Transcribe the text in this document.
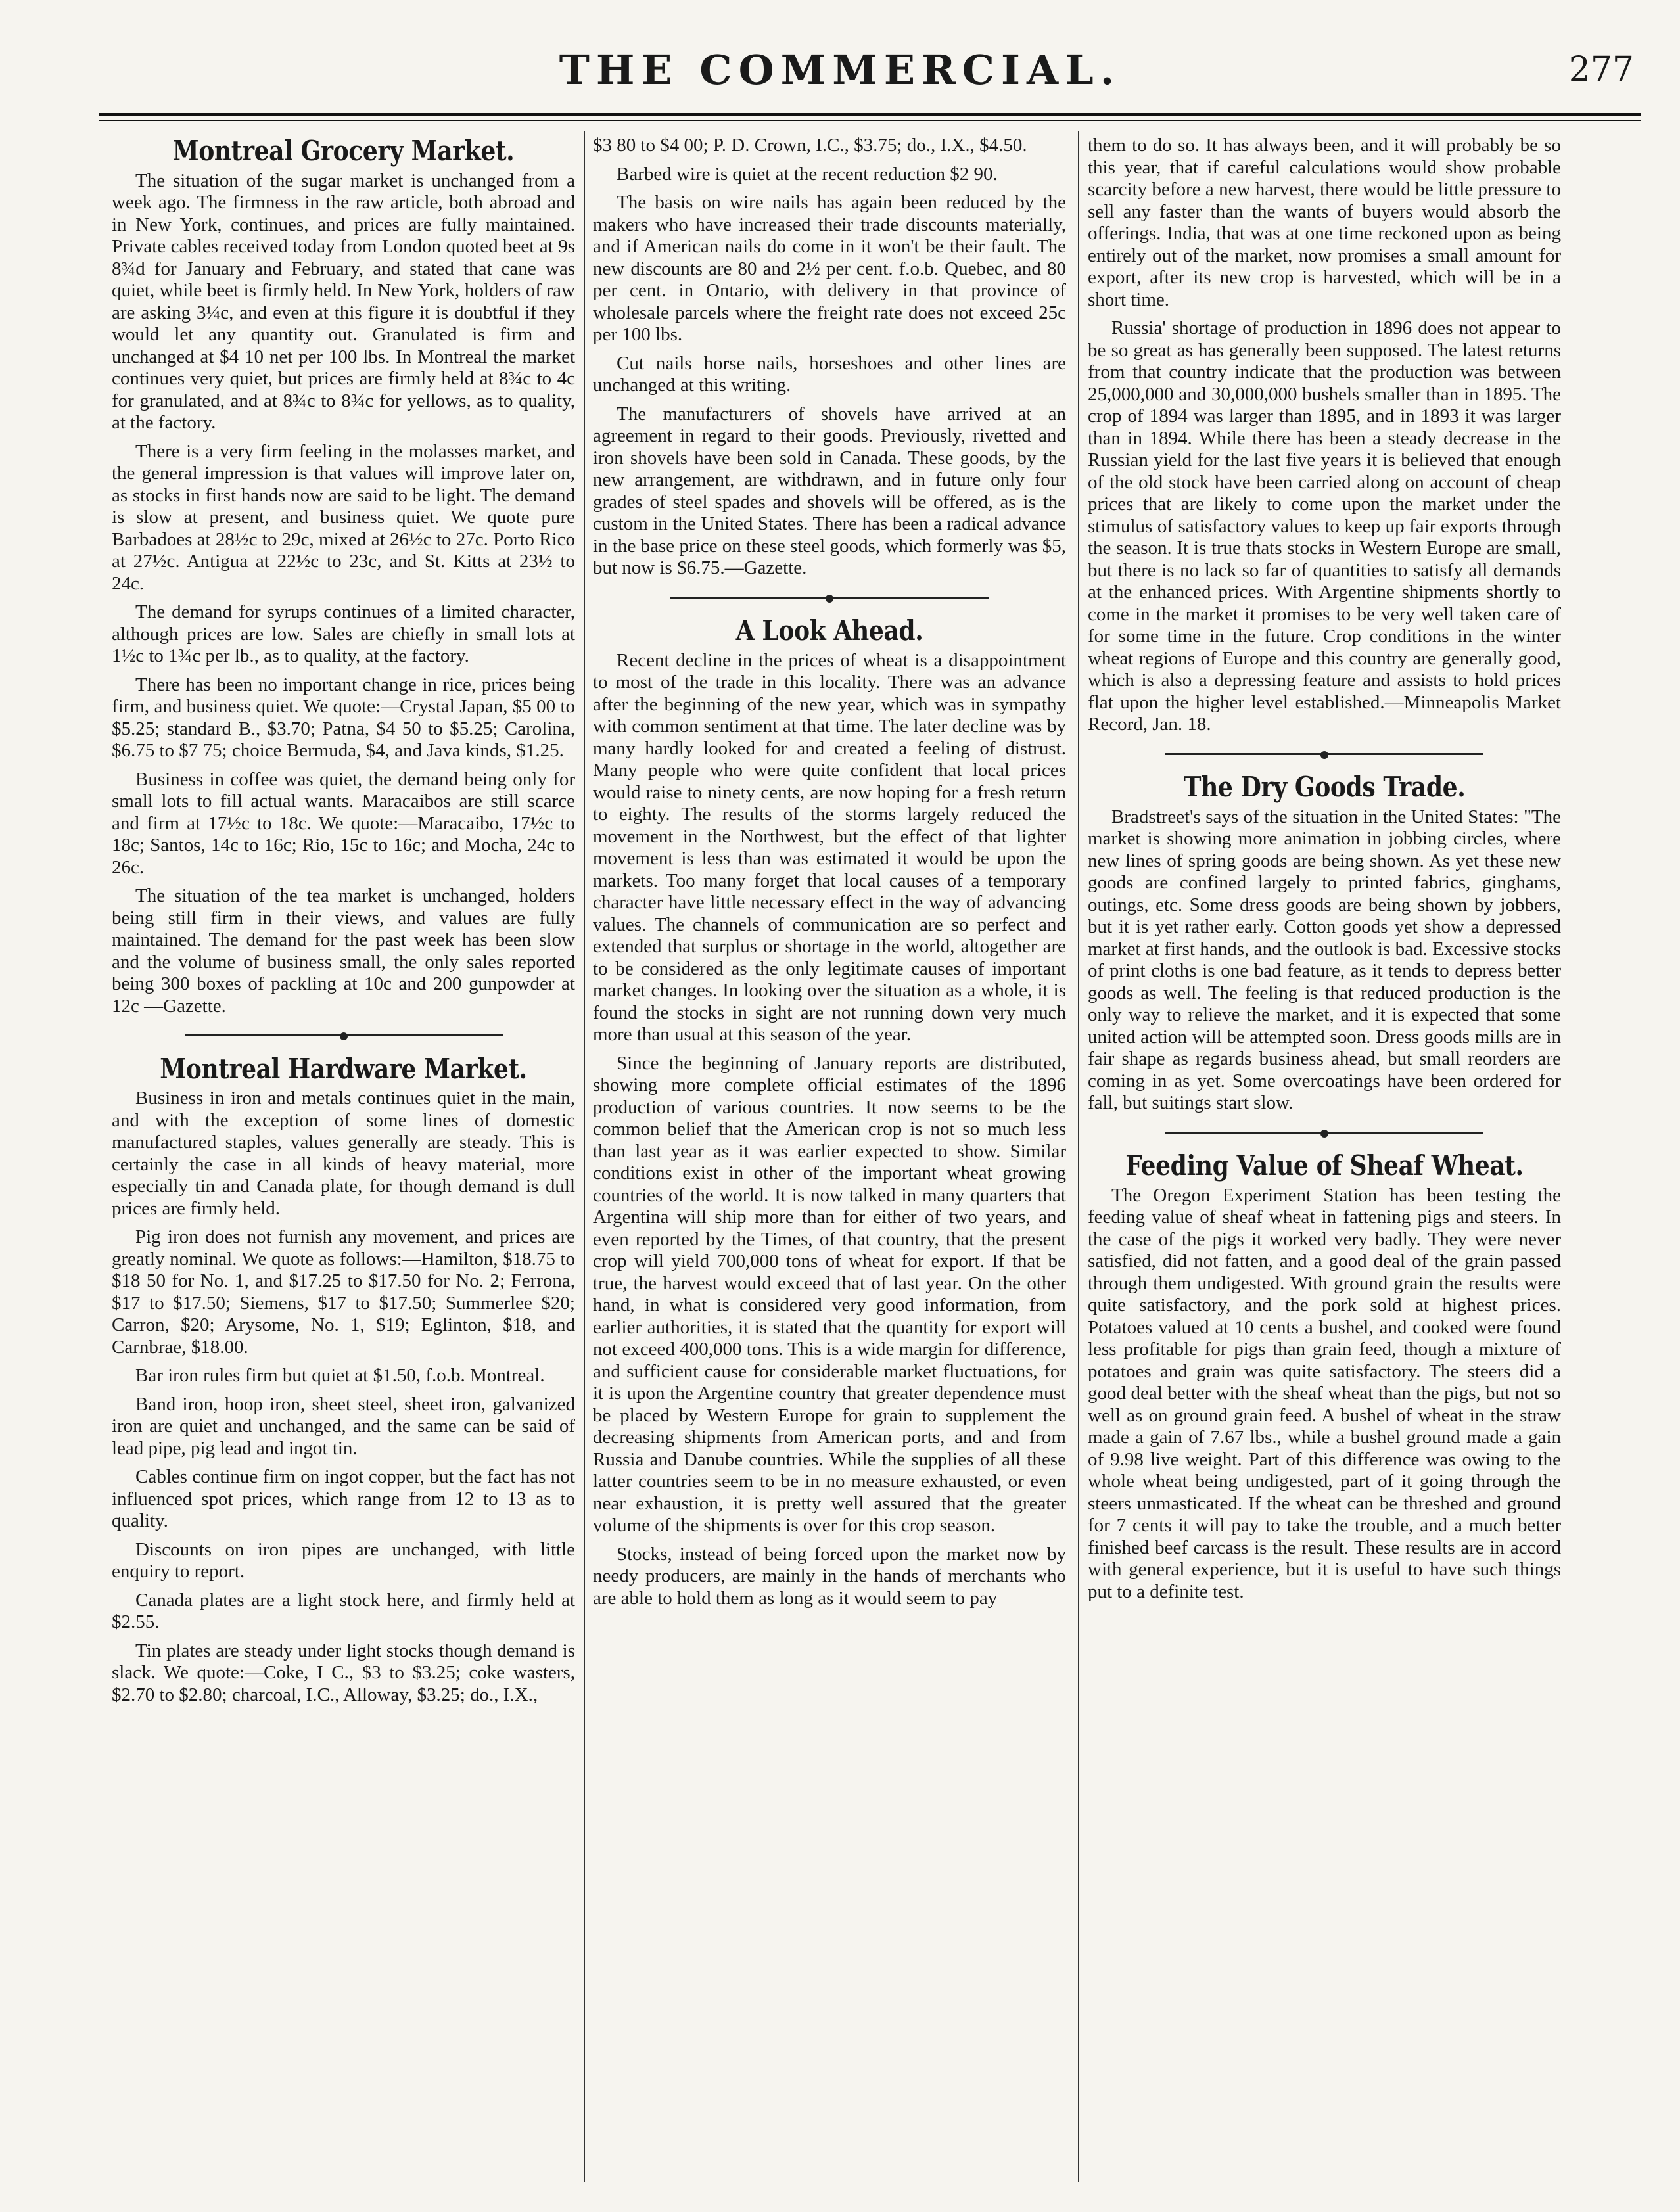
THE COMMERCIAL.	277
Montreal Grocery Market.

The situation of the sugar market is unchanged from a week ago. The firmness in the raw article, both abroad and in New York, continues, and prices are fully maintained. Private cables received today from London quoted beet at 9s 8¾d for January and February, and stated that cane was quiet, while beet is firmly held. In New York, holders of raw are asking 3¼c, and even at this figure it is doubtful if they would let any quantity out. Granulated is firm and unchanged at $4 10 net per 100 lbs. In Montreal the market continues very quiet, but prices are firmly held at 8¾c to 4c for granulated, and at 8¾c to 8¾c for yellows, as to quality, at the factory.

There is a very firm feeling in the molasses market, and the general impression is that values will improve later on, as stocks in first hands now are said to be light. The demand is slow at present, and business quiet. We quote pure Barbadoes at 28½c to 29c, mixed at 26½c to 27c. Porto Rico at 27½c. Antigua at 22½c to 23c, and St. Kitts at 23½ to 24c.

The demand for syrups continues of a limited character, although prices are low. Sales are chiefly in small lots at 1½c to 1¾c per lb., as to quality, at the factory.

There has been no important change in rice, prices being firm, and business quiet. We quote:—Crystal Japan, $5 00 to $5.25; standard B., $3.70; Patna, $4 50 to $5.25; Carolina, $6.75 to $7 75; choice Bermuda, $4, and Java kinds, $1.25.

Business in coffee was quiet, the demand being only for small lots to fill actual wants. Maracaibos are still scarce and firm at 17½c to 18c. We quote:—Maracaibo, 17½c to 18c; Santos, 14c to 16c; Rio, 15c to 16c; and Mocha, 24c to 26c.

The situation of the tea market is unchanged, holders being still firm in their views, and values are fully maintained. The demand for the past week has been slow and the volume of business small, the only sales reported being 300 boxes of packling at 10c and 200 gunpowder at 12c —Gazette.

Montreal Hardware Market.

Business in iron and metals continues quiet in the main, and with the exception of some lines of domestic manufactured staples, values generally are steady. This is certainly the case in all kinds of heavy material, more especially tin and Canada plate, for though demand is dull prices are firmly held.

Pig iron does not furnish any movement, and prices are greatly nominal. We quote as follows:—Hamilton, $18.75 to $18 50 for No. 1, and $17.25 to $17.50 for No. 2; Ferrona, $17 to $17.50; Siemens, $17 to $17.50; Summerlee $20; Carron, $20; Arysome, No. 1, $19; Eglinton, $18, and Carnbrae, $18.00.

Bar iron rules firm but quiet at $1.50, f.o.b. Montreal.

Band iron, hoop iron, sheet steel, sheet iron, galvanized iron are quiet and unchanged, and the same can be said of lead pipe, pig lead and ingot tin.

Cables continue firm on ingot copper, but the fact has not influenced spot prices, which range from 12 to 13 as to quality.

Discounts on iron pipes are unchanged, with little enquiry to report.

Canada plates are a light stock here, and firmly held at $2.55.

Tin plates are steady under light stocks though demand is slack. We quote:—Coke, I C., $3 to $3.25; coke wasters, $2.70 to $2.80; charcoal, I.C., Alloway, $3.25; do., I.X.,

$3 80 to $4 00; P. D. Crown, I.C., $3.75; do., I.X., $4.50.

Barbed wire is quiet at the recent reduction $2 90.

The basis on wire nails has again been reduced by the makers who have increased their trade discounts materially, and if American nails do come in it won't be their fault. The new discounts are 80 and 2½ per cent. f.o.b. Quebec, and 80 per cent. in Ontario, with delivery in that province of wholesale parcels where the freight rate does not exceed 25c per 100 lbs.

Cut nails horse nails, horseshoes and other lines are unchanged at this writing.

The manufacturers of shovels have arrived at an agreement in regard to their goods. Previously, rivetted and iron shovels have been sold in Canada. These goods, by the new arrangement, are withdrawn, and in future only four grades of steel spades and shovels will be offered, as is the custom in the United States. There has been a radical advance in the base price on these steel goods, which formerly was $5, but now is $6.75.—Gazette.

A Look Ahead.

Recent decline in the prices of wheat is a disappointment to most of the trade in this locality. There was an advance after the beginning of the new year, which was in sympathy with common sentiment at that time. The later decline was by many hardly looked for and created a feeling of distrust. Many people who were quite confident that local prices would raise to ninety cents, are now hoping for a fresh return to eighty. The results of the storms largely reduced the movement in the Northwest, but the effect of that lighter movement is less than was estimated it would be upon the markets. Too many forget that local causes of a temporary character have little necessary effect in the way of advancing values. The channels of communication are so perfect and extended that surplus or shortage in the world, altogether are to be considered as the only legitimate causes of important market changes. In looking over the situation as a whole, it is found the stocks in sight are not running down very much more than usual at this season of the year.

Since the beginning of January reports are distributed, showing more complete official estimates of the 1896 production of various countries. It now seems to be the common belief that the American crop is not so much less than last year as it was earlier expected to show. Similar conditions exist in other of the important wheat growing countries of the world. It is now talked in many quarters that Argentina will ship more than for either of two years, and even reported by the Times, of that country, that the present crop will yield 700,000 tons of wheat for export. If that be true, the harvest would exceed that of last year. On the other hand, in what is considered very good information, from earlier authorities, it is stated that the quantity for export will not exceed 400,000 tons. This is a wide margin for difference, and sufficient cause for considerable market fluctuations, for it is upon the Argentine country that greater dependence must be placed by Western Europe for grain to supplement the decreasing shipments from American ports, and and from Russia and Danube countries. While the supplies of all these latter countries seem to be in no measure exhausted, or even near exhaustion, it is pretty well assured that the greater volume of the shipments is over for this crop season.

Stocks, instead of being forced upon the market now by needy producers, are mainly in the hands of merchants who are able to hold them as long as it would seem to pay

them to do so. It has always been, and it will probably be so this year, that if careful calculations would show probable scarcity before a new harvest, there would be little pressure to sell any faster than the wants of buyers would absorb the offerings. India, that was at one time reckoned upon as being entirely out of the market, now promises a small amount for export, after its new crop is harvested, which will be in a short time.

Russia' shortage of production in 1896 does not appear to be so great as has generally been supposed. The latest returns from that country indicate that the production was between 25,000,000 and 30,000,000 bushels smaller than in 1895. The crop of 1894 was larger than 1895, and in 1893 it was larger than in 1894. While there has been a steady decrease in the Russian yield for the last five years it is believed that enough of the old stock have been carried along on account of cheap prices that are likely to come upon the market under the stimulus of satisfactory values to keep up fair exports through the season. It is true thats stocks in Western Europe are small, but there is no lack so far of quantities to satisfy all demands at the enhanced prices. With Argentine shipments shortly to come in the market it promises to be very well taken care of for some time in the future. Crop conditions in the winter wheat regions of Europe and this country are generally good, which is also a depressing feature and assists to hold prices flat upon the higher level established.—Minneapolis Market Record, Jan. 18.

The Dry Goods Trade.

Bradstreet's says of the situation in the United States: "The market is showing more animation in jobbing circles, where new lines of spring goods are being shown. As yet these new goods are confined largely to printed fabrics, ginghams, outings, etc. Some dress goods are being shown by jobbers, but it is yet rather early. Cotton goods yet show a depressed market at first hands, and the outlook is bad. Excessive stocks of print cloths is one bad feature, as it tends to depress better goods as well. The feeling is that reduced production is the only way to relieve the market, and it is expected that some united action will be attempted soon. Dress goods mills are in fair shape as regards business ahead, but small reorders are coming in as yet. Some overcoatings have been ordered for fall, but suitings start slow.

Feeding Value of Sheaf Wheat.

The Oregon Experiment Station has been testing the feeding value of sheaf wheat in fattening pigs and steers. In the case of the pigs it worked very badly. They were never satisfied, did not fatten, and a good deal of the grain passed through them undigested. With ground grain the results were quite satisfactory, and the pork sold at highest prices. Potatoes valued at 10 cents a bushel, and cooked were found less profitable for pigs than grain feed, though a mixture of potatoes and grain was quite satisfactory. The steers did a good deal better with the sheaf wheat than the pigs, but not so well as on ground grain feed. A bushel of wheat in the straw made a gain of 7.67 lbs., while a bushel ground made a gain of 9.98 live weight. Part of this difference was owing to the whole wheat being undigested, part of it going through the steers unmasticated. If the wheat can be threshed and ground for 7 cents it will pay to take the trouble, and a much better finished beef carcass is the result. These results are in accord with general experience, but it is useful to have such things put to a definite test.
